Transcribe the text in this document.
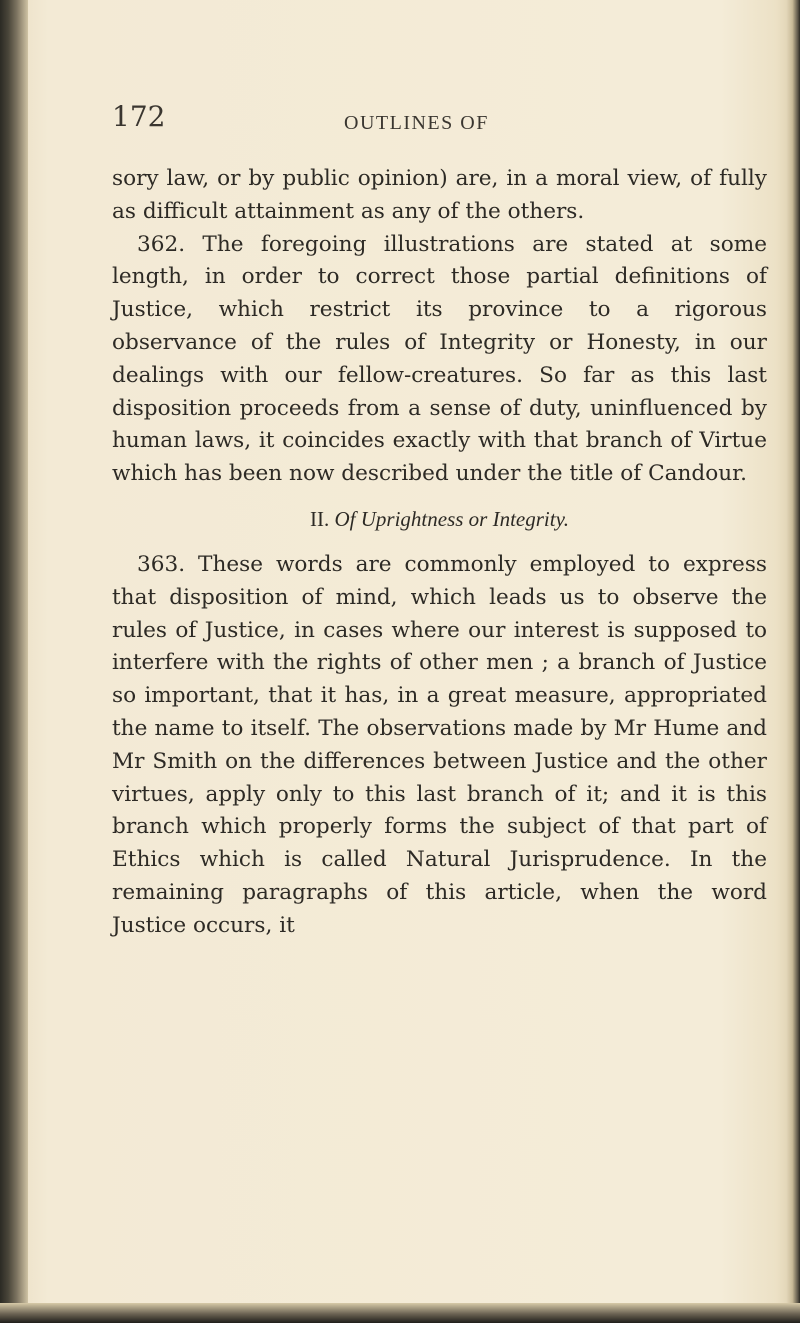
172	OUTLINES OF

sory law, or by public opinion) are, in a moral view, of fully as difficult attainment as any of the others.

362. The foregoing illustrations are stated at some length, in order to correct those partial definitions of Justice, which restrict its province to a rigorous observance of the rules of Integrity or Honesty, in our dealings with our fellow-creatures. So far as this last disposition proceeds from a sense of duty, uninfluenced by human laws, it coincides exactly with that branch of Virtue which has been now described under the title of Candour.

II. Of Uprightness or Integrity.

363. These words are commonly employed to express that disposition of mind, which leads us to observe the rules of Justice, in cases where our interest is supposed to interfere with the rights of other men ; a branch of Justice so important, that it has, in a great measure, appropriated the name to itself. The observations made by Mr Hume and Mr Smith on the differences between Justice and the other virtues, apply only to this last branch of it; and it is this branch which properly forms the subject of that part of Ethics which is called Natural Jurisprudence. In the remaining paragraphs of this article, when the word Justice occurs, it
